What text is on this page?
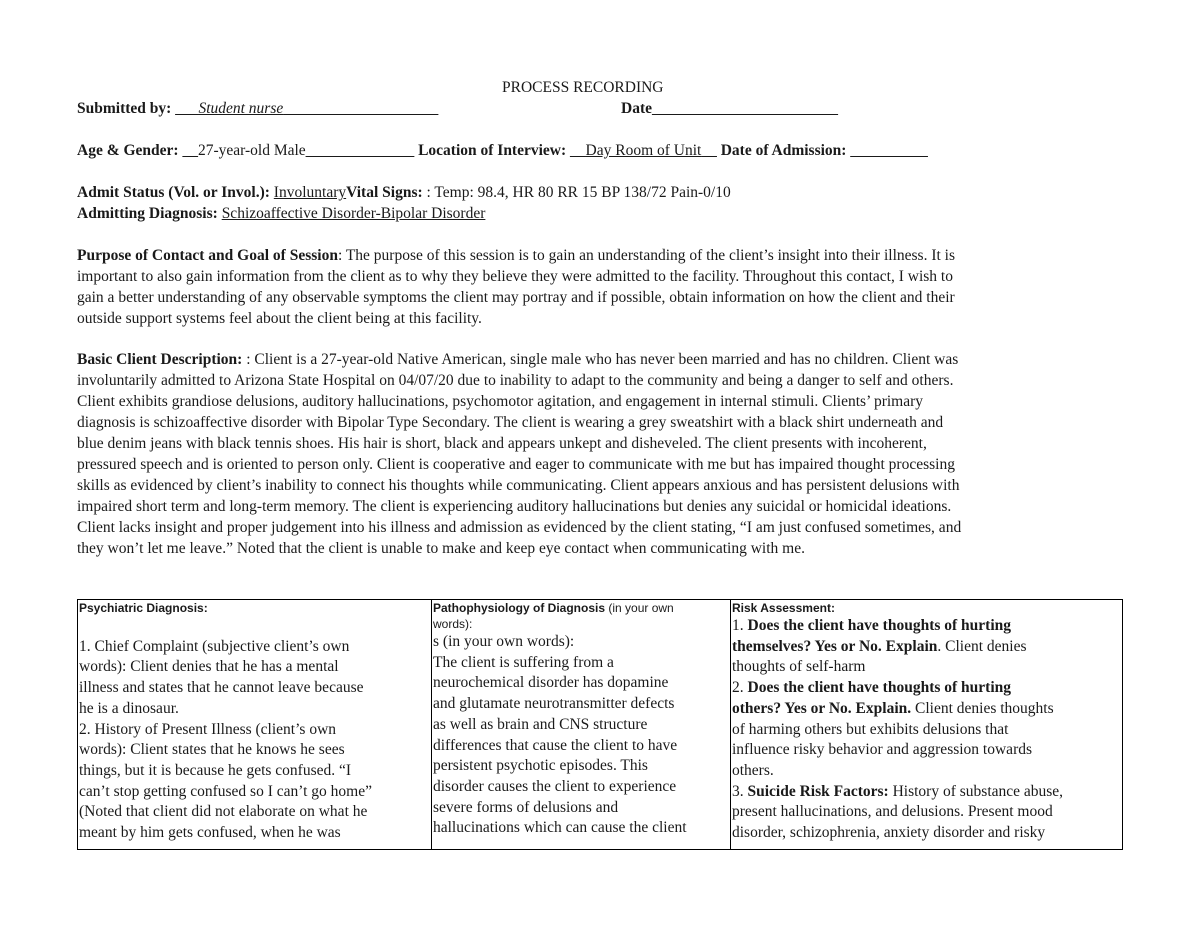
PROCESS RECORDING
Submitted by: ___Student nurse____________________	Date________________________
Age & Gender: __27-year-old Male______________ Location of Interview: __Day Room of Unit__ Date of Admission: __________
Admit Status (Vol. or Invol.): InvoluntaryVital Signs: : Temp: 98.4, HR 80 RR 15 BP 138/72 Pain-0/10
Admitting Diagnosis: Schizoaffective Disorder-Bipolar Disorder
Purpose of Contact and Goal of Session: The purpose of this session is to gain an understanding of the client’s insight into their illness. It is
important to also gain information from the client as to why they believe they were admitted to the facility. Throughout this contact, I wish to
gain a better understanding of any observable symptoms the client may portray and if possible, obtain information on how the client and their
outside support systems feel about the client being at this facility.
Basic Client Description: : Client is a 27-year-old Native American, single male who has never been married and has no children. Client was
involuntarily admitted to Arizona State Hospital on 04/07/20 due to inability to adapt to the community and being a danger to self and others.
Client exhibits grandiose delusions, auditory hallucinations, psychomotor agitation, and engagement in internal stimuli. Clients’ primary
diagnosis is schizoaffective disorder with Bipolar Type Secondary. The client is wearing a grey sweatshirt with a black shirt underneath and
blue denim jeans with black tennis shoes. His hair is short, black and appears unkept and disheveled. The client presents with incoherent,
pressured speech and is oriented to person only. Client is cooperative and eager to communicate with me but has impaired thought processing
skills as evidenced by client’s inability to connect his thoughts while communicating. Client appears anxious and has persistent delusions with
impaired short term and long-term memory. The client is experiencing auditory hallucinations but denies any suicidal or homicidal ideations.
Client lacks insight and proper judgement into his illness and admission as evidenced by the client stating, “I am just confused sometimes, and
they won’t let me leave.” Noted that the client is unable to make and keep eye contact when communicating with me.
Psychiatric Diagnosis:
1. Chief Complaint (subjective client’s own
words): Client denies that he has a mental
illness and states that he cannot leave because
he is a dinosaur.
2. History of Present Illness (client’s own
words): Client states that he knows he sees
things, but it is because he gets confused. “I
can’t stop getting confused so I can’t go home”
(Noted that client did not elaborate on what he
meant by him gets confused, when he was

Pathophysiology of Diagnosis (in your own
words):
s (in your own words):
The client is suffering from a
neurochemical disorder has dopamine
and glutamate neurotransmitter defects
as well as brain and CNS structure
differences that cause the client to have
persistent psychotic episodes. This
disorder causes the client to experience
severe forms of delusions and
hallucinations which can cause the client

Risk Assessment:
1. Does the client have thoughts of hurting
themselves? Yes or No. Explain. Client denies
thoughts of self-harm
2. Does the client have thoughts of hurting
others? Yes or No. Explain. Client denies thoughts
of harming others but exhibits delusions that
influence risky behavior and aggression towards
others.
3. Suicide Risk Factors: History of substance abuse,
present hallucinations, and delusions. Present mood
disorder, schizophrenia, anxiety disorder and risky
